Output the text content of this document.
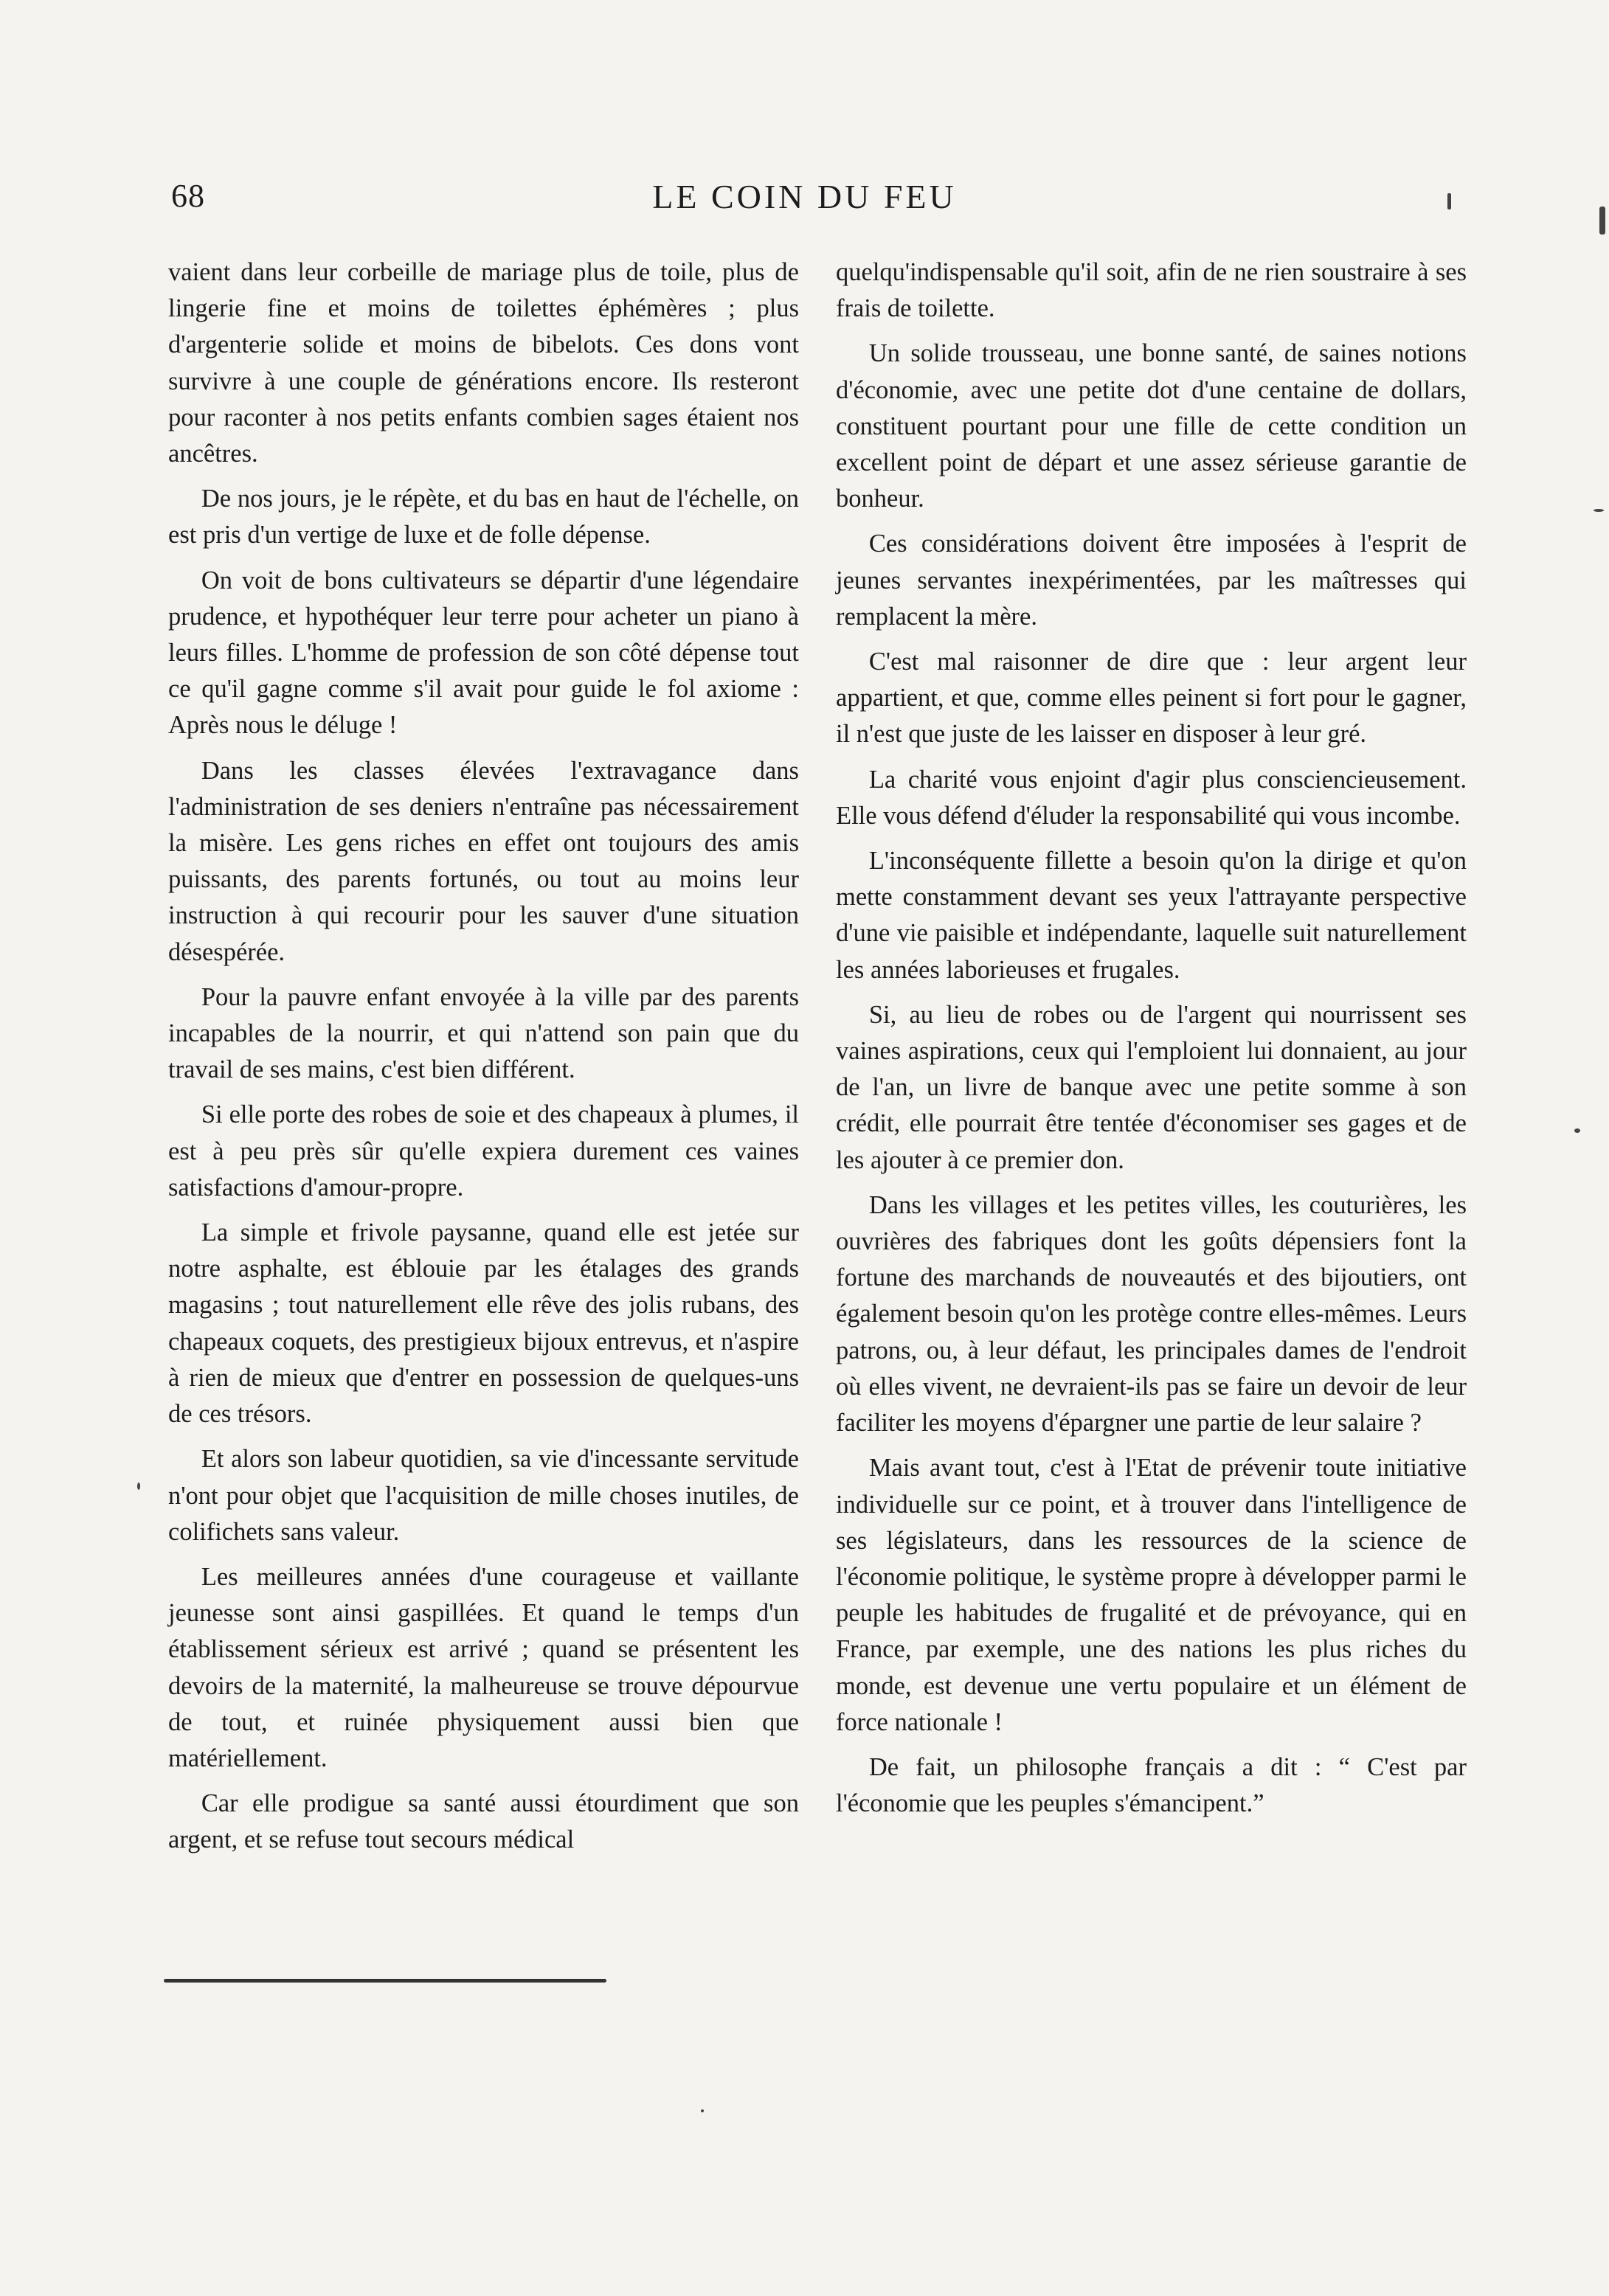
68	LE COIN DU FEU

vaient dans leur corbeille de mariage plus de toile, plus de lingerie fine et moins de toilettes éphémères ; plus d'argenterie solide et moins de bibelots. Ces dons vont survivre à une couple de générations encore. Ils resteront pour raconter à nos petits enfants combien sages étaient nos ancêtres.

De nos jours, je le répète, et du bas en haut de l'échelle, on est pris d'un vertige de luxe et de folle dépense.

On voit de bons cultivateurs se départir d'une légendaire prudence, et hypothéquer leur terre pour acheter un piano à leurs filles. L'homme de profession de son côté dépense tout ce qu'il gagne comme s'il avait pour guide le fol axiome : Après nous le déluge !

Dans les classes élevées l'extravagance dans l'administration de ses deniers n'entraîne pas nécessairement la misère. Les gens riches en effet ont toujours des amis puissants, des parents fortunés, ou tout au moins leur instruction à qui recourir pour les sauver d'une situation désespérée.

Pour la pauvre enfant envoyée à la ville par des parents incapables de la nourrir, et qui n'attend son pain que du travail de ses mains, c'est bien différent.

Si elle porte des robes de soie et des chapeaux à plumes, il est à peu près sûr qu'elle expiera durement ces vaines satisfactions d'amour-propre.

La simple et frivole paysanne, quand elle est jetée sur notre asphalte, est éblouie par les étalages des grands magasins ; tout naturellement elle rêve des jolis rubans, des chapeaux coquets, des prestigieux bijoux entrevus, et n'aspire à rien de mieux que d'entrer en possession de quelques-uns de ces trésors.

Et alors son labeur quotidien, sa vie d'incessante servitude n'ont pour objet que l'acquisition de mille choses inutiles, de colifichets sans valeur.

Les meilleures années d'une courageuse et vaillante jeunesse sont ainsi gaspillées. Et quand le temps d'un établissement sérieux est arrivé ; quand se présentent les devoirs de la maternité, la malheureuse se trouve dépourvue de tout, et ruinée physiquement aussi bien que matériellement.

Car elle prodigue sa santé aussi étourdiment que son argent, et se refuse tout secours médical

quelqu'indispensable qu'il soit, afin de ne rien soustraire à ses frais de toilette.

Un solide trousseau, une bonne santé, de saines notions d'économie, avec une petite dot d'une centaine de dollars, constituent pourtant pour une fille de cette condition un excellent point de départ et une assez sérieuse garantie de bonheur.

Ces considérations doivent être imposées à l'esprit de jeunes servantes inexpérimentées, par les maîtresses qui remplacent la mère.

C'est mal raisonner de dire que : leur argent leur appartient, et que, comme elles peinent si fort pour le gagner, il n'est que juste de les laisser en disposer à leur gré.

La charité vous enjoint d'agir plus consciencieusement. Elle vous défend d'éluder la responsabilité qui vous incombe.

L'inconséquente fillette a besoin qu'on la dirige et qu'on mette constamment devant ses yeux l'attrayante perspective d'une vie paisible et indépendante, laquelle suit naturellement les années laborieuses et frugales.

Si, au lieu de robes ou de l'argent qui nourrissent ses vaines aspirations, ceux qui l'emploient lui donnaient, au jour de l'an, un livre de banque avec une petite somme à son crédit, elle pourrait être tentée d'économiser ses gages et de les ajouter à ce premier don.

Dans les villages et les petites villes, les couturières, les ouvrières des fabriques dont les goûts dépensiers font la fortune des marchands de nouveautés et des bijoutiers, ont également besoin qu'on les protège contre elles-mêmes. Leurs patrons, ou, à leur défaut, les principales dames de l'endroit où elles vivent, ne devraient-ils pas se faire un devoir de leur faciliter les moyens d'épargner une partie de leur salaire ?

Mais avant tout, c'est à l'Etat de prévenir toute initiative individuelle sur ce point, et à trouver dans l'intelligence de ses législateurs, dans les ressources de la science de l'économie politique, le système propre à développer parmi le peuple les habitudes de frugalité et de prévoyance, qui en France, par exemple, une des nations les plus riches du monde, est devenue une vertu populaire et un élément de force nationale !

De fait, un philosophe français a dit : “ C'est par l'économie que les peuples s'émancipent.”
